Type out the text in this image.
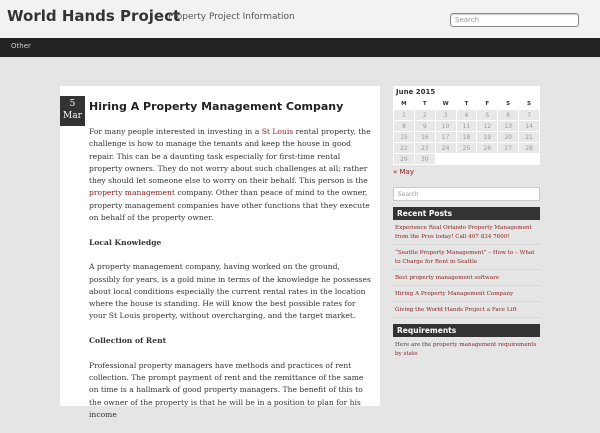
World Hands Project
Property Project Information	Search
Other
5
Mar
Hiring A Property Management Company

For many people interested in investing in a St Louis rental property, the challenge is how to manage the tenants and keep the house in good repair. This can be a daunting task especially for first-time rental property owners. They do not worry about such challenges at all; rather they should let someone else to worry on their behalf. This person is the property management company. Other than peace of mind to the owner, property management companies have other functions that they execute on behalf of the property owner.

Local Knowledge

A property management company, having worked on the ground, possibly for years, is a gold mine in terms of the knowledge he possesses about local conditions especially the current rental rates in the location where the house is standing. He will know the best possible rates for your St Louis property, without overcharging, and the target market.

Collection of Rent

Professional property managers have methods and practices of rent collection. The prompt payment of rent and the remittance of the same on time is a hallmark of good property managers. The benefit of this to the owner of the property is that he will be in a position to plan for his income

June 2015
M	T	W	T	F	S	S
1	2	3	4	5	6	7
8	9	10	11	12	13	14
15	16	17	18	19	20	21
22	23	24	25	26	27	28
29	30					
« May
Search
Recent Posts
Experience Real Orlando Property Management from the Pros today! Call 407 834 7600!
“Seattle Property Management” – How to – What to Charge for Rent in Seattle
Best property management software
Hiring A Property Management Company
Giving the World Hands Project a Face Lift
Requirements
Here are the property management requirements by state
